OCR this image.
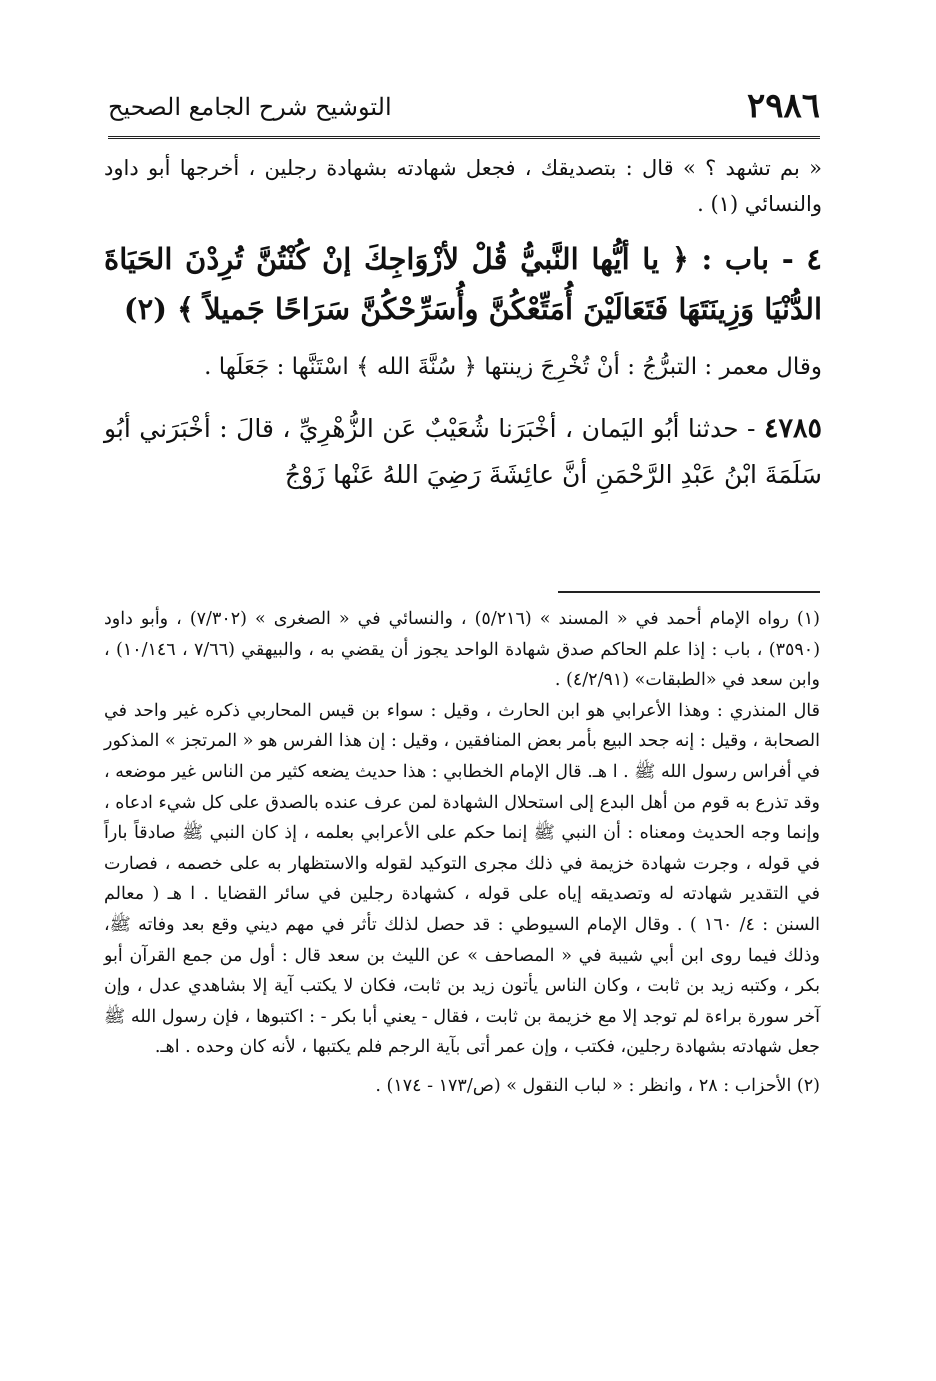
٢٩٨٦
التوشيح شرح الجامع الصحيح

« بم تشهد ؟ » قال : بتصديقك ، فجعل شهادته بشهادة رجلين ، أخرجها أبو داود والنسائي (١) .

٤ - باب : ﴿ يا أيُّها النَّبيُّ قُلْ لأزْوَاجِكَ إنْ كُنْتُنَّ تُرِدْنَ الحَيَاةَ الدُّنْيَا وَزِينَتَهَا فَتَعَالَيْنَ أُمَتِّعْكُنَّ وأُسَرِّحْكُنَّ سَرَاحًا جَميلاً ﴾ (٢)

وقال معمر : التبرُّجُ : أنْ تُخْرِجَ زينتها ﴿ سُنَّةَ الله ﴾ اسْتَنَّها : جَعَلَها .

٤٧٨٥ - حدثنا أبُو اليَمان ، أخْبَرَنا شُعَيْبٌ عَن الزُّهْرِيِّ ، قالَ : أخْبَرَني أبُو سَلَمَةَ ابْنُ عَبْدِ الرَّحْمَنِ أنَّ عائِشَةَ رَضِيَ اللهُ عَنْها زَوْجُ

(١) رواه الإمام أحمد في « المسند » (٥/٢١٦) ، والنسائي في « الصغرى » (٧/٣٠٢) ، وأبو داود (٣٥٩٠) ، باب : إذا علم الحاكم صدق شهادة الواحد يجوز أن يقضي به ، والبيهقي (٧/٦٦ ، ١٠/١٤٦) ، وابن سعد في «الطبقات» (٤/٢/٩١) .

قال المنذري : وهذا الأعرابي هو ابن الحارث ، وقيل : سواء بن قيس المحاربي ذكره غير واحد في الصحابة ، وقيل : إنه جحد البيع بأمر بعض المنافقين ، وقيل : إن هذا الفرس هو « المرتجز » المذكور في أفراس رسول الله ﷺ . ا هـ. قال الإمام الخطابي : هذا حديث يضعه كثير من الناس غير موضعه ، وقد تذرع به قوم من أهل البدع إلى استحلال الشهادة لمن عرف عنده بالصدق على كل شيء ادعاه ، وإنما وجه الحديث ومعناه : أن النبي ﷺ إنما حكم على الأعرابي بعلمه ، إذ كان النبي ﷺ صادقاً باراً في قوله ، وجرت شهادة خزيمة في ذلك مجرى التوكيد لقوله والاستظهار به على خصمه ، فصارت في التقدير شهادته له وتصديقه إياه على قوله ، كشهادة رجلين في سائر القضايا . ا هـ ( معالم السنن : ٤/ ١٦٠ ) . وقال الإمام السيوطي : قد حصل لذلك تأثر في مهم ديني وقع بعد وفاته ﷺ، وذلك فيما روى ابن أبي شيبة في « المصاحف » عن الليث بن سعد قال : أول من جمع القرآن أبو بكر ، وكتبه زيد بن ثابت ، وكان الناس يأتون زيد بن ثابت، فكان لا يكتب آية إلا بشاهدي عدل ، وإن آخر سورة براءة لم توجد إلا مع خزيمة بن ثابت ، فقال - يعني أبا بكر - : اكتبوها ، فإن رسول الله ﷺ جعل شهادته بشهادة رجلين، فكتب ، وإن عمر أتى بآية الرجم فلم يكتبها ، لأنه كان وحده . اهـ.

(٢) الأحزاب : ٢٨ ، وانظر : « لباب النقول » (ص/١٧٣ - ١٧٤) .
